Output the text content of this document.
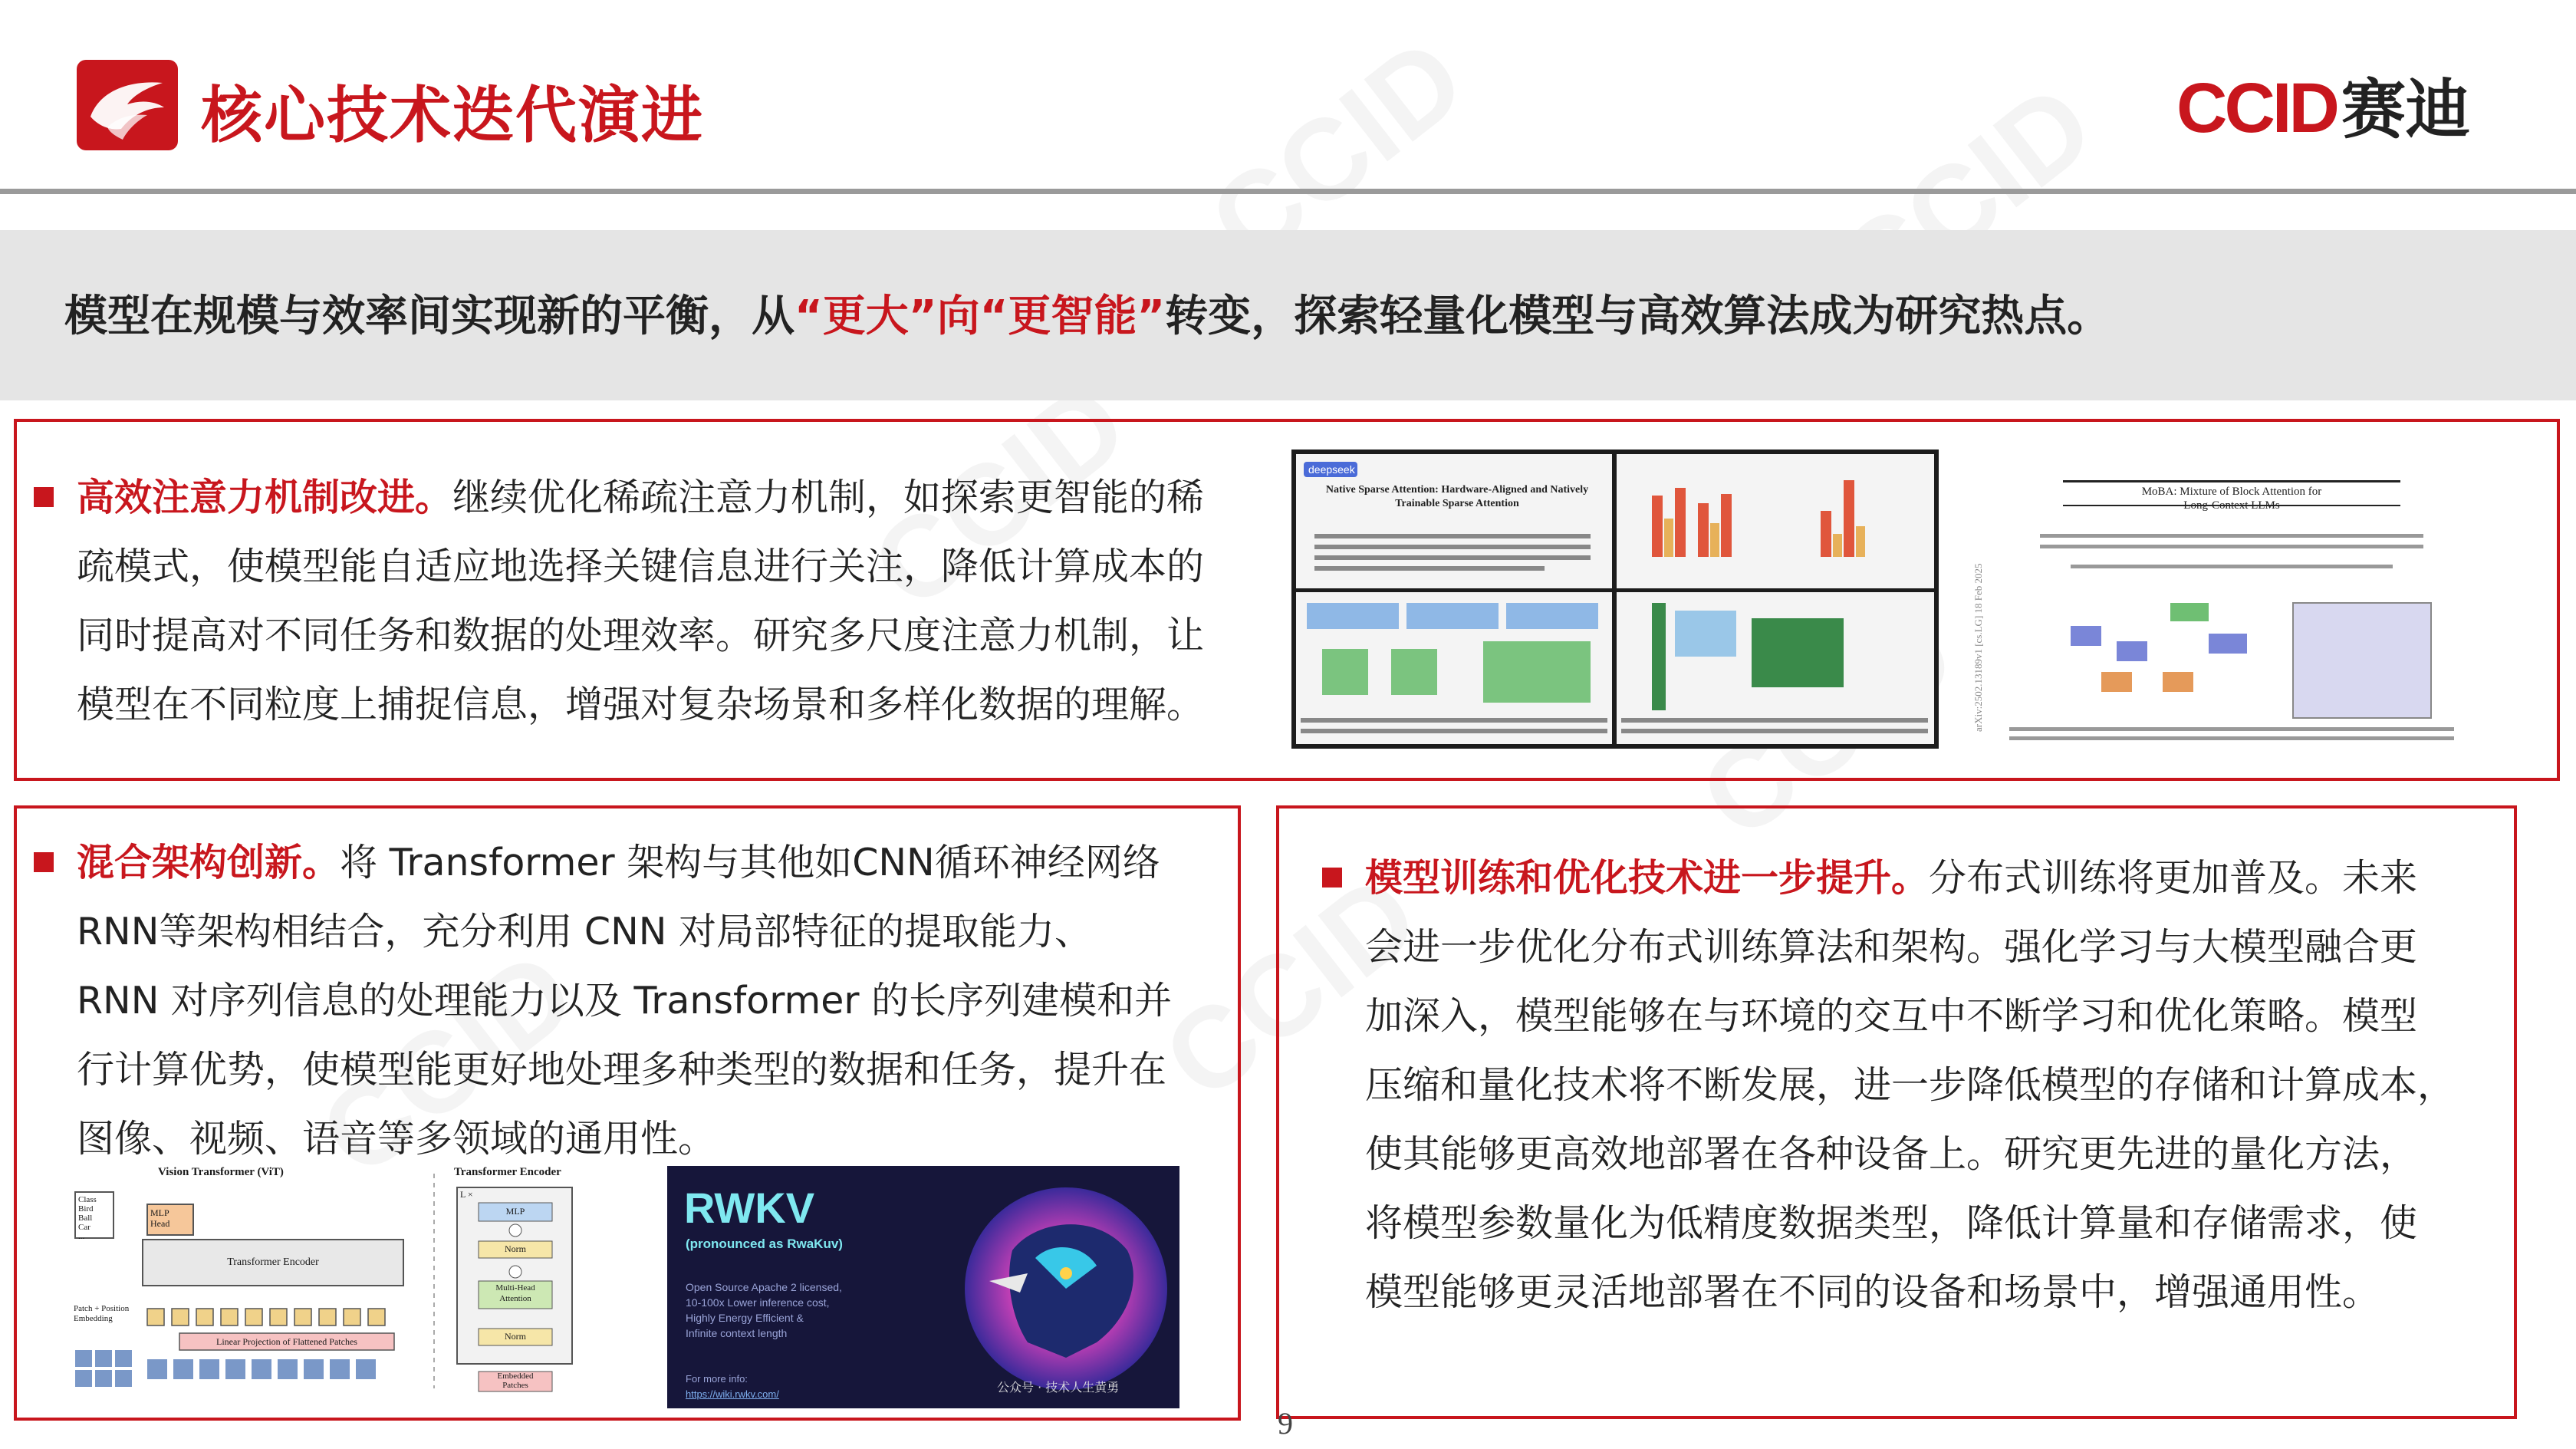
核心技术迭代演进	CCID赛迪
模型在规模与效率间实现新的平衡，从“更大”向“更智能”转变，探索轻量化模型与高效算法成为研究热点。
高效注意力机制改进。继续优化稀疏注意力机制，如探索更智能的稀
疏模式，使模型能自适应地选择关键信息进行关注，降低计算成本的
同时提高对不同任务和数据的处理效率。研究多尺度注意力机制，让
模型在不同粒度上捕捉信息，增强对复杂场景和多样化数据的理解。
deepseek
Native Sparse Attention: Hardware-Aligned and Natively
Trainable Sparse Attention
MoBA: Mixture of Block Attention for
Long-Context LLMs
arXiv:2502.13189v1 [cs.LG] 18 Feb 2025
混合架构创新。将 Transformer 架构与其他如CNN循环神经网络
RNN等架构相结合，充分利用 CNN 对局部特征的提取能力、
RNN 对序列信息的处理能力以及 Transformer 的长序列建模和并
行计算优势，使模型能更好地处理多种类型的数据和任务，提升在
图像、视频、语音等多领域的通用性。
Vision Transformer (ViT)	Transformer Encoder
Class
Bird
Ball
Car
...
MLP
Head
Transformer Encoder
Patch + Position
Embedding
Linear Projection of Flattened Patches
L ×
MLP
Norm
Multi-Head
Attention
Norm
Embedded
Patches
RWKV
(pronounced as RwaKuv)
Open Source Apache 2 licensed,
10-100x Lower inference cost,
Highly Energy Efficient &
Infinite context length
For more info:
https://wiki.rwkv.com/	公众号 · 技术人生黄勇
模型训练和优化技术进一步提升。分布式训练将更加普及。未来
会进一步优化分布式训练算法和架构。强化学习与大模型融合更
加深入，模型能够在与环境的交互中不断学习和优化策略。模型
压缩和量化技术将不断发展，进一步降低模型的存储和计算成本，
使其能够更高效地部署在各种设备上。研究更先进的量化方法，
将模型参数量化为低精度数据类型，降低计算量和存储需求，使
模型能够更灵活地部署在不同的设备和场景中，增强通用性。
9
